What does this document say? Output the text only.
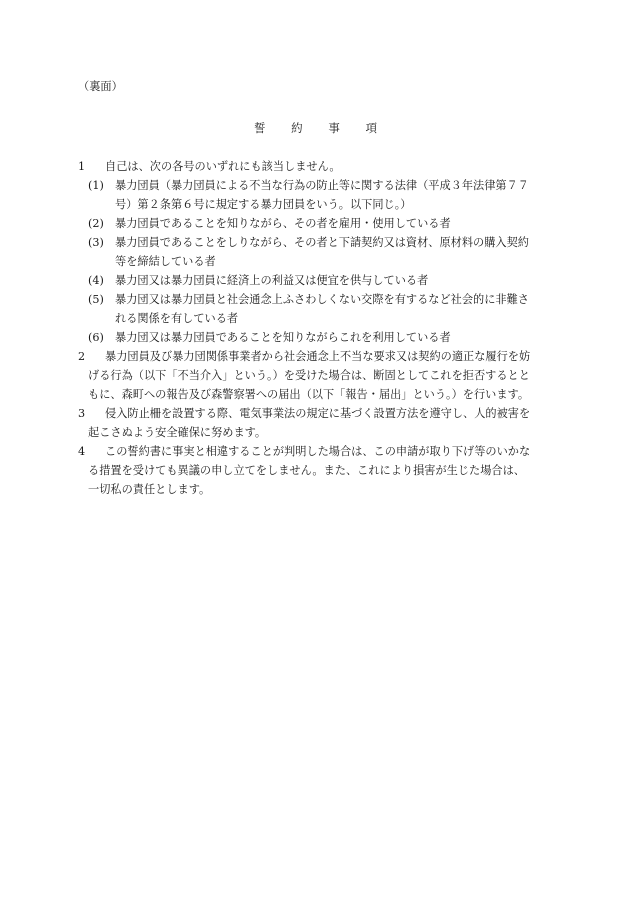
（裏面）
誓 約 事 項
1 自己は、次の各号のいずれにも該当しません。
(1) 暴力団員（暴力団員による不当な行為の防止等に関する法律（平成３年法律第７７
号）第２条第６号に規定する暴力団員をいう。以下同じ。）
(2) 暴力団員であることを知りながら、その者を雇用・使用している者
(3) 暴力団員であることをしりながら、その者と下請契約又は資材、原材料の購入契約
等を締結している者
(4) 暴力団又は暴力団員に経済上の利益又は便宜を供与している者
(5) 暴力団又は暴力団員と社会通念上ふさわしくない交際を有するなど社会的に非難さ
れる関係を有している者
(6) 暴力団又は暴力団員であることを知りながらこれを利用している者
2 暴力団員及び暴力団関係事業者から社会通念上不当な要求又は契約の適正な履行を妨
げる行為（以下「不当介入」という。）を受けた場合は、断固としてこれを拒否するとと
もに、森町への報告及び森警察署への届出（以下「報告・届出」という。）を行います。
3 侵入防止柵を設置する際、電気事業法の規定に基づく設置方法を遵守し、人的被害を
起こさぬよう安全確保に努めます。
4 この誓約書に事実と相違することが判明した場合は、この申請が取り下げ等のいかな
る措置を受けても異議の申し立てをしません。また、これにより損害が生じた場合は、
一切私の責任とします。
